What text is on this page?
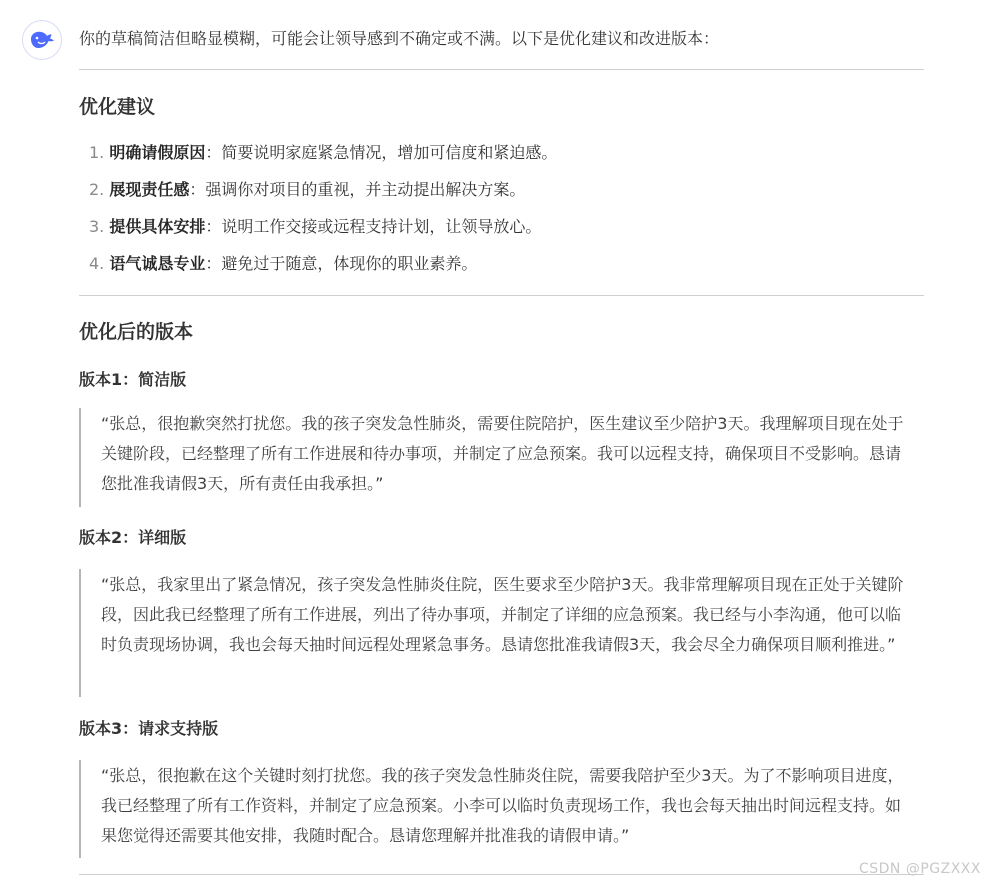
你的草稿简洁但略显模糊，可能会让领导感到不确定或不满。以下是优化建议和改进版本：
优化建议
1. 明确请假原因：简要说明家庭紧急情况，增加可信度和紧迫感。
2. 展现责任感：强调你对项目的重视，并主动提出解决方案。
3. 提供具体安排：说明工作交接或远程支持计划，让领导放心。
4. 语气诚恳专业：避免过于随意，体现你的职业素养。
优化后的版本
版本1：简洁版
“张总，很抱歉突然打扰您。我的孩子突发急性肺炎，需要住院陪护，医生建议至少陪护3天。我理解项目现在处于关键阶段，已经整理了所有工作进展和待办事项，并制定了应急预案。我可以远程支持，确保项目不受影响。恳请您批准我请假3天，所有责任由我承担。”
版本2：详细版
“张总，我家里出了紧急情况，孩子突发急性肺炎住院，医生要求至少陪护3天。我非常理解项目现在正处于关键阶段，因此我已经整理了所有工作进展，列出了待办事项，并制定了详细的应急预案。我已经与小李沟通，他可以临时负责现场协调，我也会每天抽时间远程处理紧急事务。恳请您批准我请假3天，我会尽全力确保项目顺利推进。”
版本3：请求支持版
“张总，很抱歉在这个关键时刻打扰您。我的孩子突发急性肺炎住院，需要我陪护至少3天。为了不影响项目进度，我已经整理了所有工作资料，并制定了应急预案。小李可以临时负责现场工作，我也会每天抽出时间远程支持。如果您觉得还需要其他安排，我随时配合。恳请您理解并批准我的请假申请。”
CSDN @PGZXXX
